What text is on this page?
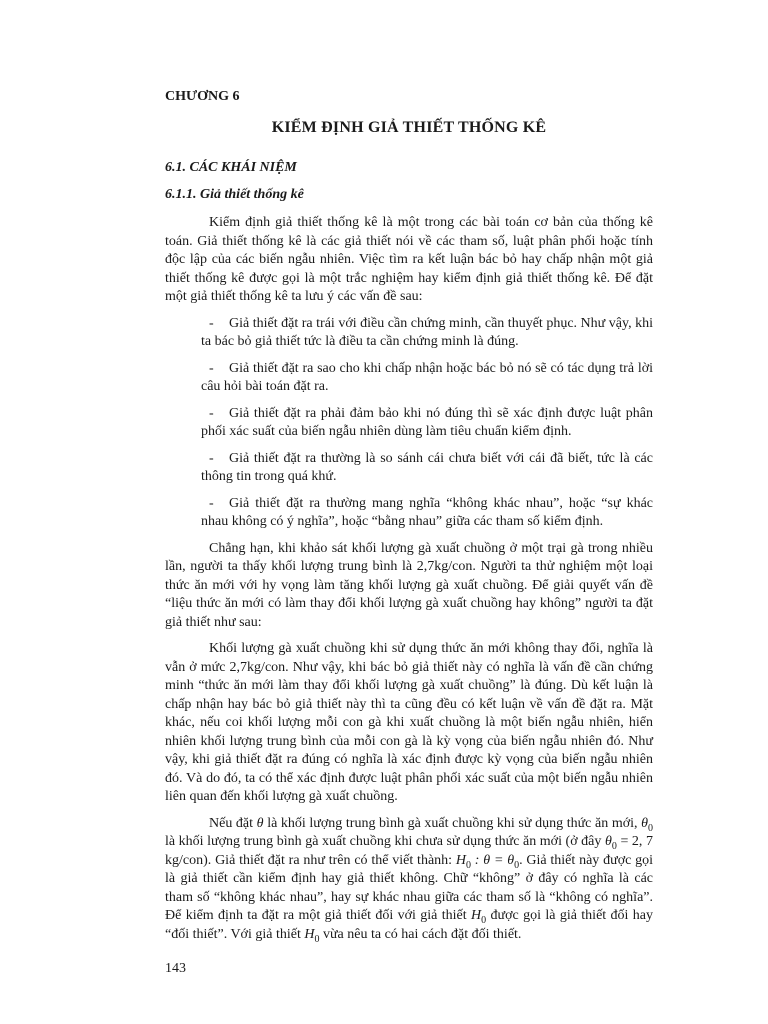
CHƯƠNG 6
KIỂM ĐỊNH GIẢ THIẾT THỐNG KÊ
6.1. CÁC KHÁI NIỆM
6.1.1. Giả thiết thống kê

Kiểm định giả thiết thống kê là một trong các bài toán cơ bản của thống kê toán. Giả thiết thống kê là các giả thiết nói về các tham số, luật phân phối hoặc tính độc lập của các biến ngẫu nhiên. Việc tìm ra kết luận bác bỏ hay chấp nhận một giả thiết thống kê được gọi là một trắc nghiệm hay kiểm định giả thiết thống kê. Để đặt một giả thiết thống kê ta lưu ý các vấn đề sau:

- Giả thiết đặt ra trái với điều cần chứng minh, cần thuyết phục. Như vậy, khi ta bác bỏ giả thiết tức là điều ta cần chứng minh là đúng.
- Giả thiết đặt ra sao cho khi chấp nhận hoặc bác bỏ nó sẽ có tác dụng trả lời câu hỏi bài toán đặt ra.
- Giả thiết đặt ra phải đảm bảo khi nó đúng thì sẽ xác định được luật phân phối xác suất của biến ngẫu nhiên dùng làm tiêu chuẩn kiểm định.
- Giả thiết đặt ra thường là so sánh cái chưa biết với cái đã biết, tức là các thông tin trong quá khứ.
- Giả thiết đặt ra thường mang nghĩa “không khác nhau”, hoặc “sự khác nhau không có ý nghĩa”, hoặc “bằng nhau” giữa các tham số kiểm định.

Chẳng hạn, khi khảo sát khối lượng gà xuất chuồng ở một trại gà trong nhiều lần, người ta thấy khối lượng trung bình là 2,7kg/con. Người ta thử nghiệm một loại thức ăn mới với hy vọng làm tăng khối lượng gà xuất chuồng. Để giải quyết vấn đề “liệu thức ăn mới có làm thay đổi khối lượng gà xuất chuồng hay không” người ta đặt giả thiết như sau:

Khối lượng gà xuất chuồng khi sử dụng thức ăn mới không thay đổi, nghĩa là vẫn ở mức 2,7kg/con. Như vậy, khi bác bỏ giả thiết này có nghĩa là vấn đề cần chứng minh “thức ăn mới làm thay đổi khối lượng gà xuất chuồng” là đúng. Dù kết luận là chấp nhận hay bác bỏ giả thiết này thì ta cũng đều có kết luận về vấn đề đặt ra. Mặt khác, nếu coi khối lượng mỗi con gà khi xuất chuồng là một biến ngẫu nhiên, hiển nhiên khối lượng trung bình của mỗi con gà là kỳ vọng của biến ngẫu nhiên đó. Như vậy, khi giả thiết đặt ra đúng có nghĩa là xác định được kỳ vọng của biến ngẫu nhiên đó. Và do đó, ta có thể xác định được luật phân phối xác suất của một biến ngẫu nhiên liên quan đến khối lượng gà xuất chuồng.

Nếu đặt θ là khối lượng trung bình gà xuất chuồng khi sử dụng thức ăn mới, $\theta_0$ là khối lượng trung bình gà xuất chuồng khi chưa sử dụng thức ăn mới (ở đây $\theta_0 = 2$, 7 kg/con). Giả thiết đặt ra như trên có thể viết thành: $H_0$ : $\theta = \theta_0$. Giả thiết này được gọi là giả thiết cần kiểm định hay giả thiết không. Chữ “không” ở đây có nghĩa là các tham số “không khác nhau”, hay sự khác nhau giữa các tham số là “không có nghĩa”. Để kiểm định ta đặt ra một giả thiết đối với giả thiết $H_0$ được gọi là giả thiết đối hay “đối thiết”. Với giả thiết $H_0$ vừa nêu ta có hai cách đặt đối thiết.

143
